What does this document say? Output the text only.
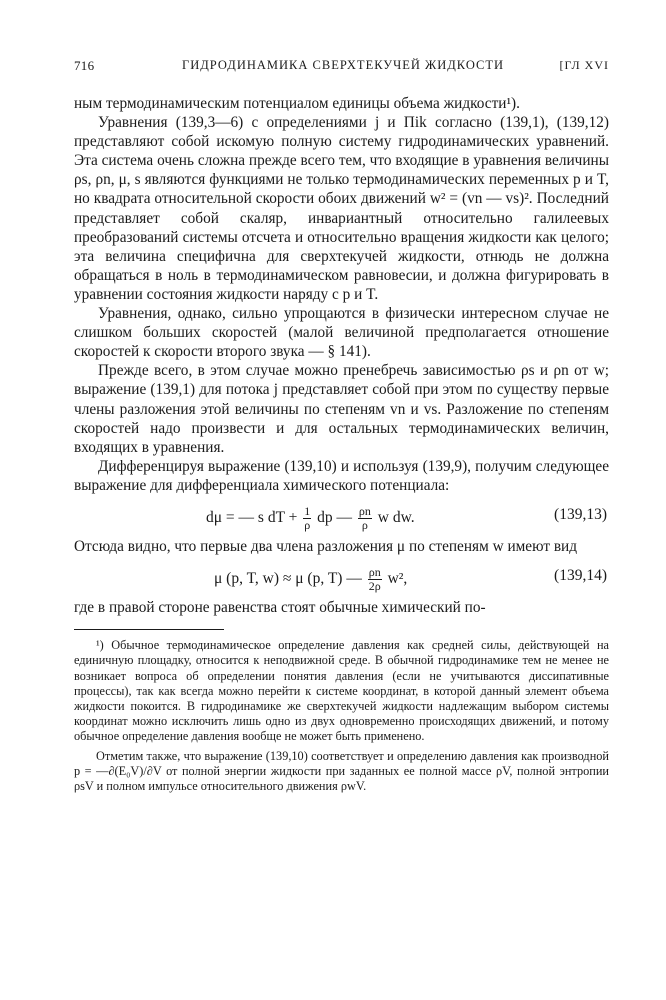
716	ГИДРОДИНАМИКА СВЕРХТЕКУЧЕЙ ЖИДКОСТИ	[ГЛ XVI

ным термодинамическим потенциалом единицы объема жидкости¹).

Уравнения (139,3—6) с определениями j и Πik согласно (139,1), (139,12) представляют собой искомую полную систему гидродинамических уравнений. Эта система очень сложна прежде всего тем, что входящие в уравнения величины ρs, ρn, μ, s являются функциями не только термодинамических переменных p и T, но квадрата относительной скорости обоих движений w² = (vn — vs)². Последний представляет собой скаляр, инвариантный относительно галилеевых преобразований системы отсчета и относительно вращения жидкости как целого; эта величина специфична для сверхтекучей жидкости, отнюдь не должна обращаться в ноль в термодинамическом равновесии, и должна фигурировать в уравнении состояния жидкости наряду с p и T.

Уравнения, однако, сильно упрощаются в физически интересном случае не слишком больших скоростей (малой величиной предполагается отношение скоростей к скорости второго звука — § 141).

Прежде всего, в этом случае можно пренебречь зависимостью ρs и ρn от w; выражение (139,1) для потока j представляет собой при этом по существу первые члены разложения этой величины по степеням vn и vs. Разложение по степеням скоростей надо произвести и для остальных термодинамических величин, входящих в уравнения.

Дифференцируя выражение (139,10) и используя (139,9), получим следующее выражение для дифференциала химического потенциала:

dμ = — s dT + $\frac{1}{\rho}$ dp — $\frac{\rho n}{\rho}$ w dw.	(139,13)

Отсюда видно, что первые два члена разложения μ по степеням w имеют вид

μ (p, T, w) ≈ μ (p, T) — $\frac{\rho n}{2\rho} w^2$,	(139,14)

где в правой стороне равенства стоят обычные химический по-

¹) Обычное термодинамическое определение давления как средней силы, действующей на единичную площадку, относится к неподвижной среде. В обычной гидродинамике тем не менее не возникает вопроса об определении понятия давления (если не учитываются диссипативные процессы), так как всегда можно перейти к системе координат, в которой данный элемент объема жидкости покоится. В гидродинамике же сверхтекучей жидкости надлежащим выбором системы координат можно исключить лишь одно из двух одновременно происходящих движений, и потому обычное определение давления вообще не может быть применено.

Отметим также, что выражение (139,10) соответствует и определению давления как производной p = —∂(E₀V)/∂V от полной энергии жидкости при заданных ее полной массе ρV, полной энтропии ρsV и полном импульсе относительного движения ρwV.
